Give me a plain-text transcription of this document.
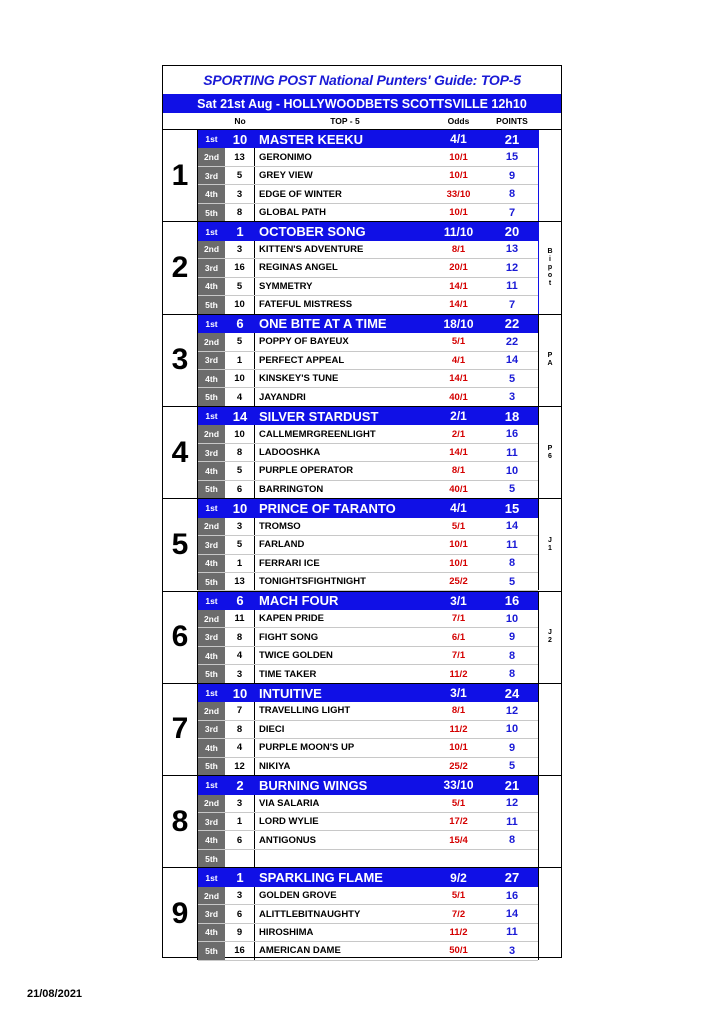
SPORTING POST National Punters' Guide: TOP-5
Sat 21st Aug - HOLLYWOODBETS SCOTTSVILLE 12h10
No	TOP - 5	Odds	POINTS
1
1st	10 MASTER KEEKU	4/1	21
2nd	13	GERONIMO	10/1	15
3rd	5	GREY VIEW	10/1	9
4th	3	EDGE OF WINTER	33/10	8
5th	8	GLOBAL PATH	10/1	7
2
1st	1	OCTOBER SONG	11/10	20
2nd	3	KITTEN'S ADVENTURE	8/1	13
3rd	16	REGINAS ANGEL	20/1	12
4th	5	SYMMETRY	14/1	11
5th	10	FATEFUL MISTRESS	14/1	7
B
i
p
o
t
3
1st	6	ONE BITE AT A TIME	18/10	22
2nd	5	POPPY OF BAYEUX	5/1	22
3rd	1	PERFECT APPEAL	4/1	14
4th	10	KINSKEY'S TUNE	14/1	5
5th	4	JAYANDRI	40/1	3
P
A
4
1st	14 SILVER STARDUST	2/1	18
2nd	10	CALLMEMRGREENLIGHT	2/1	16
3rd	8	LADOOSHKA	14/1	11
4th	5	PURPLE OPERATOR	8/1	10
5th	6	BARRINGTON	40/1	5
P
6
5
1st	10 PRINCE OF TARANTO	4/1	15
2nd	3	TROMSO	5/1	14
3rd	5	FARLAND	10/1	11
4th	1	FERRARI ICE	10/1	8
5th	13	TONIGHTSFIGHTNIGHT	25/2	5
J
1
6
1st	6	MACH FOUR	3/1	16
2nd	11	KAPEN PRIDE	7/1	10
3rd	8	FIGHT SONG	6/1	9
4th	4	TWICE GOLDEN	7/1	8
5th	3	TIME TAKER	11/2	8
J
2
7
1st	10 INTUITIVE	3/1	24
2nd	7	TRAVELLING LIGHT	8/1	12
3rd	8	DIECI	11/2	10
4th	4	PURPLE MOON'S UP	10/1	9
5th	12	NIKIYA	25/2	5
8
1st	2	BURNING WINGS	33/10	21
2nd	3	VIA SALARIA	5/1	12
3rd	1	LORD WYLIE	17/2	11
4th	6	ANTIGONUS	15/4	8
5th
9
1st	1	SPARKLING FLAME	9/2	27
2nd	3	GOLDEN GROVE	5/1	16
3rd	6	ALITTLEBITNAUGHTY	7/2	14
4th	9	HIROSHIMA	11/2	11
5th	16	AMERICAN DAME	50/1	3
21/08/2021
